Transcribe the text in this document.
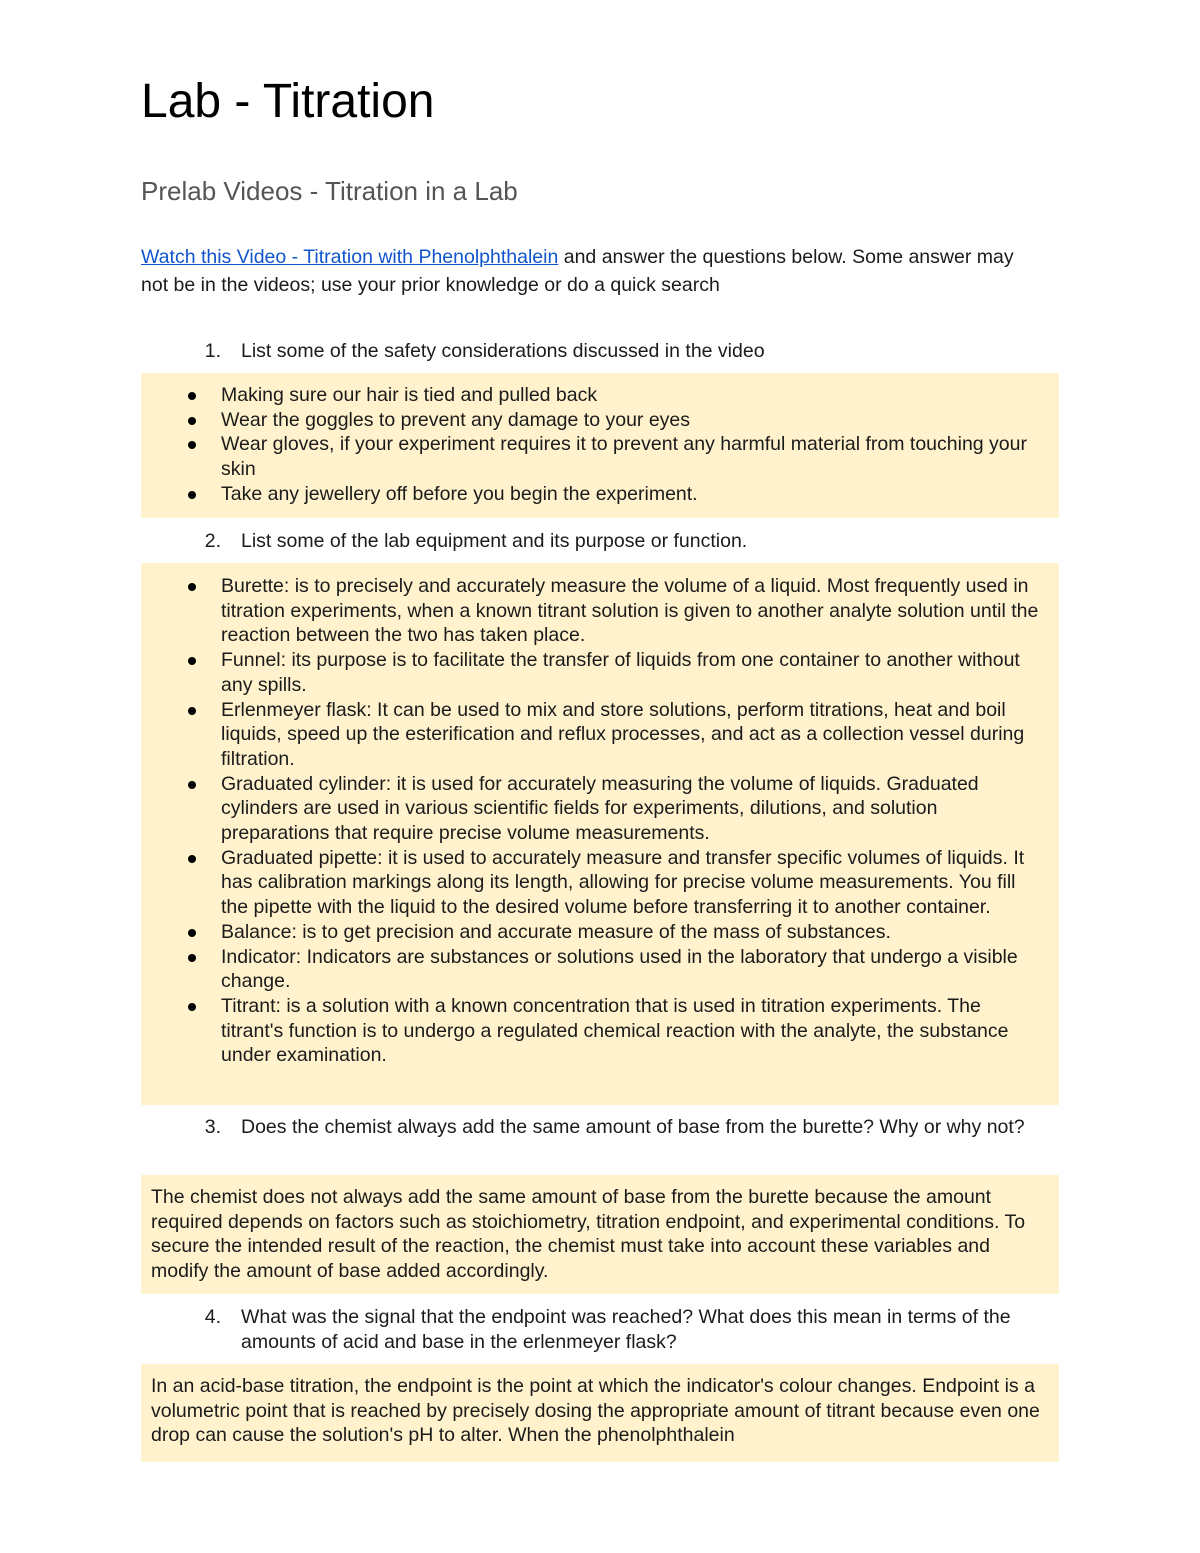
Lab - Titration
Prelab Videos - Titration in a Lab

Watch this Video - Titration with Phenolphthalein and answer the questions below. Some answer may not be in the videos; use your prior knowledge or do a quick search

1.	List some of the safety considerations discussed in the video
Making sure our hair is tied and pulled back
Wear the goggles to prevent any damage to your eyes
Wear gloves, if your experiment requires it to prevent any harmful material from touching your skin
Take any jewellery off before you begin the experiment.
2.	List some of the lab equipment and its purpose or function.
Burette: is to precisely and accurately measure the volume of a liquid. Most frequently used in titration experiments, when a known titrant solution is given to another analyte solution until the reaction between the two has taken place.
Funnel: its purpose is to facilitate the transfer of liquids from one container to another without any spills.
Erlenmeyer flask: It can be used to mix and store solutions, perform titrations, heat and boil liquids, speed up the esterification and reflux processes, and act as a collection vessel during filtration.
Graduated cylinder: it is used for accurately measuring the volume of liquids. Graduated cylinders are used in various scientific fields for experiments, dilutions, and solution preparations that require precise volume measurements.
Graduated pipette: it is used to accurately measure and transfer specific volumes of liquids. It has calibration markings along its length, allowing for precise volume measurements. You fill the pipette with the liquid to the desired volume before transferring it to another container.
Balance: is to get precision and accurate measure of the mass of substances.
Indicator: Indicators are substances or solutions used in the laboratory that undergo a visible change.
Titrant: is a solution with a known concentration that is used in titration experiments. The titrant's function is to undergo a regulated chemical reaction with the analyte, the substance under examination.
3.	Does the chemist always add the same amount of base from the burette? Why or why not?
The chemist does not always add the same amount of base from the burette because the amount required depends on factors such as stoichiometry, titration endpoint, and experimental conditions. To secure the intended result of the reaction, the chemist must take into account these variables and modify the amount of base added accordingly.
4.	What was the signal that the endpoint was reached? What does this mean in terms of the amounts of acid and base in the erlenmeyer flask?
In an acid-base titration, the endpoint is the point at which the indicator's colour changes. Endpoint is a volumetric point that is reached by precisely dosing the appropriate amount of titrant because even one drop can cause the solution's pH to alter. When the phenolphthalein
